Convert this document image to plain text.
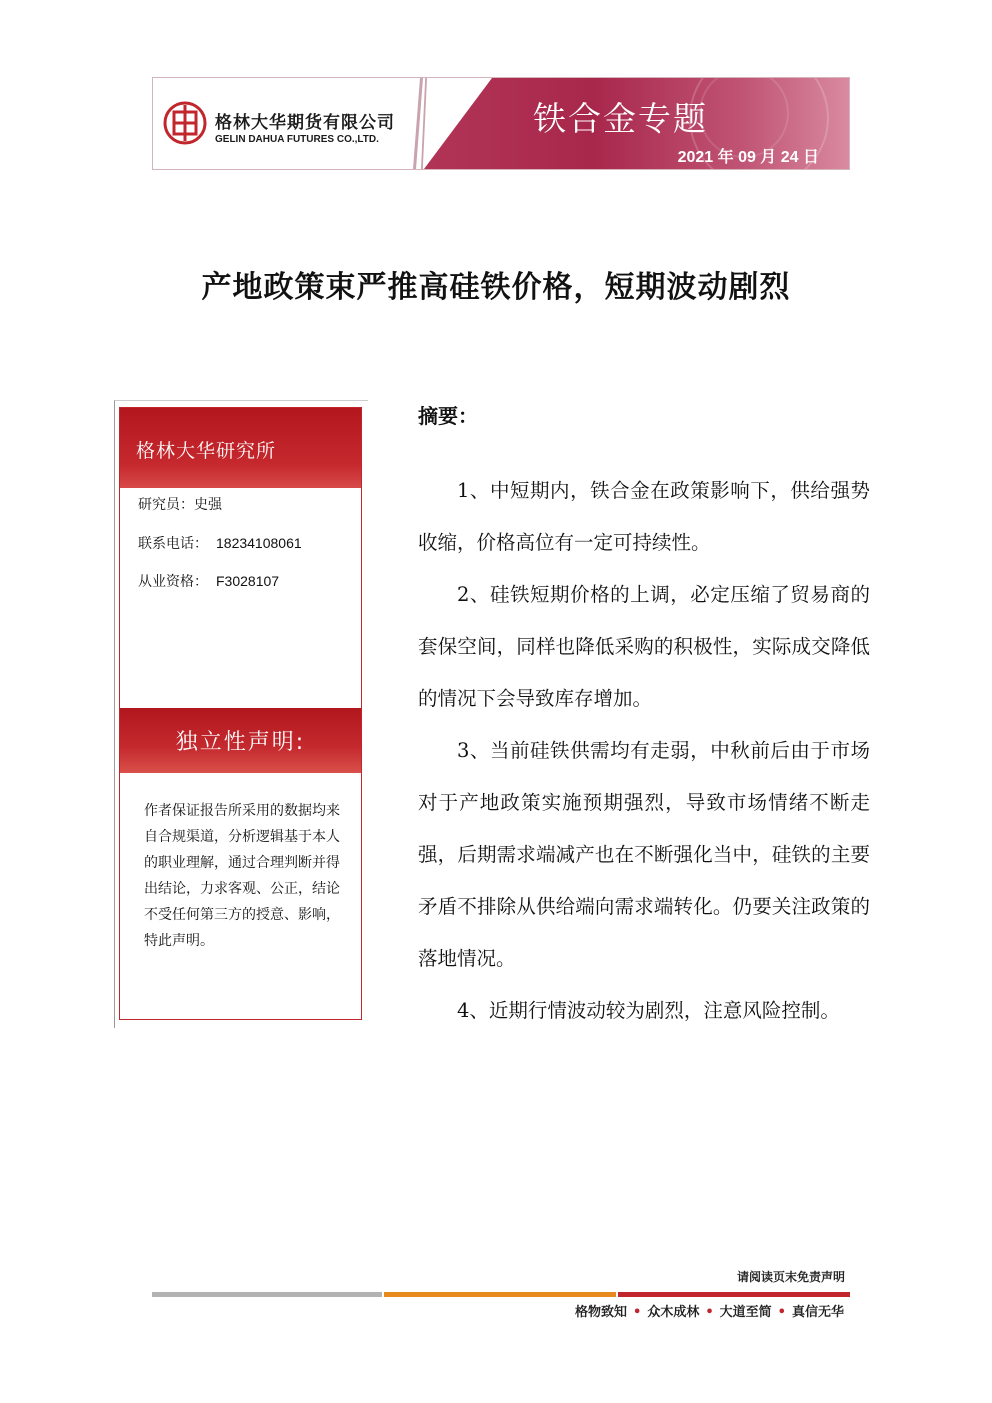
格林大华期货有限公司
GELIN DAHUA FUTURES CO.,LTD.
铁合金专题
2021 年 09 月 24 日
产地政策束严推高硅铁价格，短期波动剧烈
格林大华研究所
研究员：史强
联系电话： 18234108061
从业资格： F3028107
独立性声明:
作者保证报告所采用的数据均来自合规渠道，分析逻辑基于本人的职业理解，通过合理判断并得出结论，力求客观、公正，结论不受任何第三方的授意、影响，特此声明。
摘要：
1、中短期内，铁合金在政策影响下，供给强势收缩，价格高位有一定可持续性。
2、硅铁短期价格的上调，必定压缩了贸易商的套保空间，同样也降低采购的积极性，实际成交降低的情况下会导致库存增加。
3、当前硅铁供需均有走弱，中秋前后由于市场对于产地政策实施预期强烈，导致市场情绪不断走强，后期需求端减产也在不断强化当中，硅铁的主要矛盾不排除从供给端向需求端转化。仍要关注政策的落地情况。
4、近期行情波动较为剧烈，注意风险控制。
请阅读页末免责声明
格物致知 • 众木成林 • 大道至简 • 真信无华
